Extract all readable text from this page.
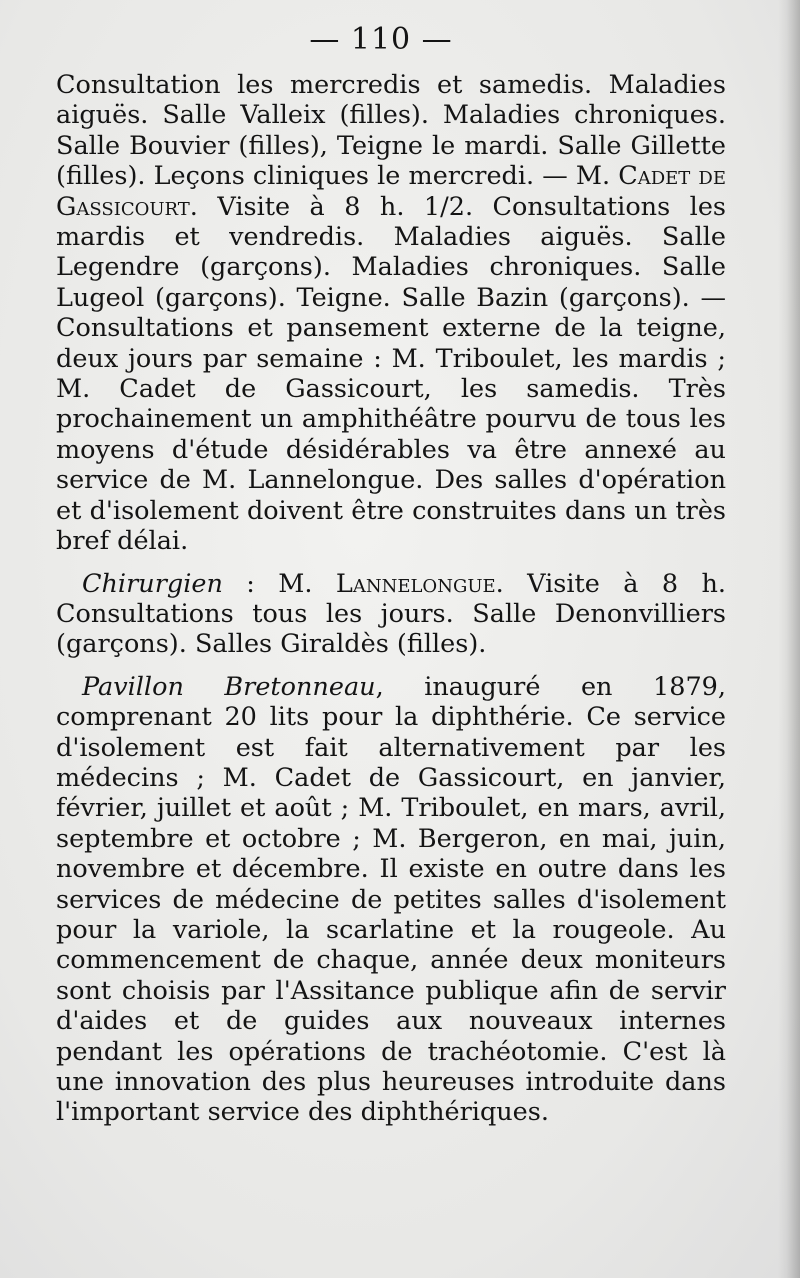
— 110 —

Consultation les mercredis et samedis. Maladies aiguës. Salle Valleix (filles). Maladies chroniques. Salle Bouvier (filles), Teigne le mardi. Salle Gillette (filles). Leçons cliniques le mercredi. — M. Cadet de Gassicourt. Visite à 8 h. 1/2. Consultations les mardis et vendredis. Maladies aiguës. Salle Legendre (garçons). Maladies chroniques. Salle Lugeol (garçons). Teigne. Salle Bazin (garçons). — Consultations et pansement externe de la teigne, deux jours par semaine : M. Triboulet, les mardis ; M. Cadet de Gassicourt, les samedis. Très prochainement un amphithéâtre pourvu de tous les moyens d'étude désidérables va être annexé au service de M. Lannelongue. Des salles d'opération et d'isolement doivent être construites dans un très bref délai.

Chirurgien : M. Lannelongue. Visite à 8 h. Consultations tous les jours. Salle Denonvilliers (garçons). Salles Giraldès (filles).

Pavillon Bretonneau, inauguré en 1879, comprenant 20 lits pour la diphthérie. Ce service d'isolement est fait alternativement par les médecins ; M. Cadet de Gassicourt, en janvier, février, juillet et août ; M. Triboulet, en mars, avril, septembre et octobre ; M. Bergeron, en mai, juin, novembre et décembre. Il existe en outre dans les services de médecine de petites salles d'isolement pour la variole, la scarlatine et la rougeole. Au commencement de chaque, année deux moniteurs sont choisis par l'Assitance publique afin de servir d'aides et de guides aux nouveaux internes pendant les opérations de trachéotomie. C'est là une innovation des plus heureuses introduite dans l'important service des diphthériques.
